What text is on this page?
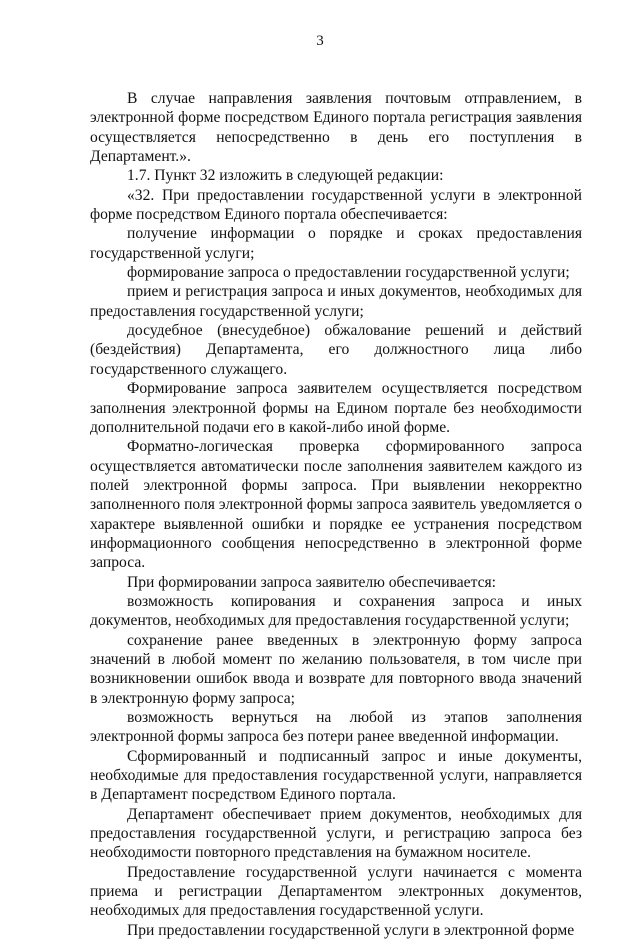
3

В случае направления заявления почтовым отправлением, в электронной форме посредством Единого портала регистрация заявления осуществляется непосредственно в день его поступления в Департамент.».

1.7. Пункт 32 изложить в следующей редакции:

«32. При предоставлении государственной услуги в электронной форме посредством Единого портала обеспечивается:

получение информации о порядке и сроках предоставления государственной услуги;

формирование запроса о предоставлении государственной услуги;

прием и регистрация запроса и иных документов, необходимых для предоставления государственной услуги;

досудебное (внесудебное) обжалование решений и действий (бездействия) Департамента, его должностного лица либо государственного служащего.

Формирование запроса заявителем осуществляется посредством заполнения электронной формы на Едином портале без необходимости дополнительной подачи его в какой-либо иной форме.

Форматно-логическая проверка сформированного запроса осуществляется автоматически после заполнения заявителем каждого из полей электронной формы запроса. При выявлении некорректно заполненного поля электронной формы запроса заявитель уведомляется о характере выявленной ошибки и порядке ее устранения посредством информационного сообщения непосредственно в электронной форме запроса.

При формировании запроса заявителю обеспечивается:

возможность копирования и сохранения запроса и иных документов, необходимых для предоставления государственной услуги;

сохранение ранее введенных в электронную форму запроса значений в любой момент по желанию пользователя, в том числе при возникновении ошибок ввода и возврате для повторного ввода значений в электронную форму запроса;

возможность вернуться на любой из этапов заполнения электронной формы запроса без потери ранее введенной информации.

Сформированный и подписанный запрос и иные документы, необходимые для предоставления государственной услуги, направляется в Департамент посредством Единого портала.

Департамент обеспечивает прием документов, необходимых для предоставления государственной услуги, и регистрацию запроса без необходимости повторного представления на бумажном носителе.

Предоставление государственной услуги начинается с момента приема и регистрации Департаментом электронных документов, необходимых для предоставления государственной услуги.

При предоставлении государственной услуги в электронной форме
